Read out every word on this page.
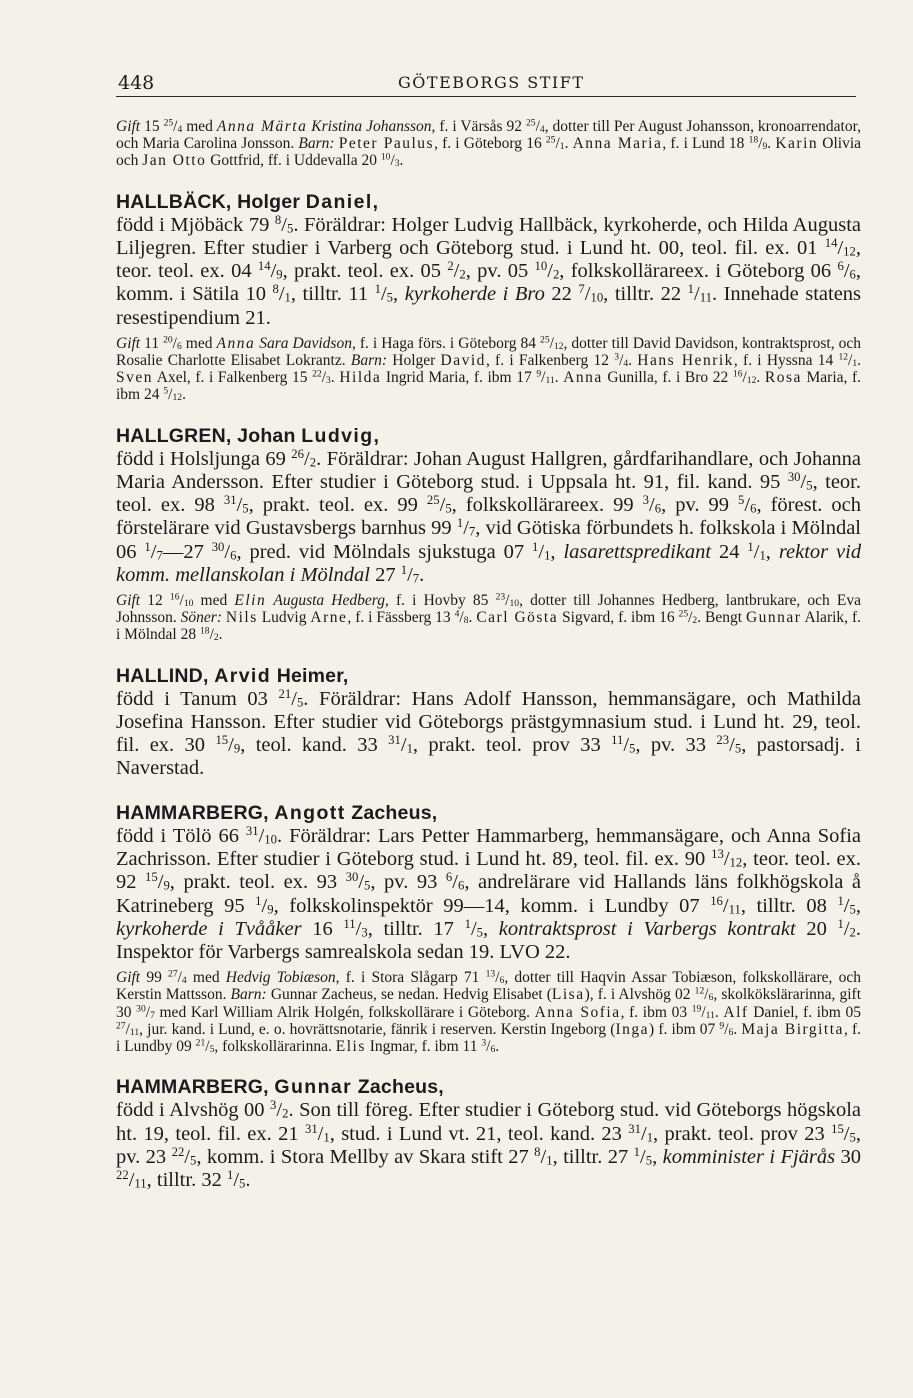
448	GÖTEBORGS STIFT

Gift 15 $^{25}/_4$ med Anna Märta Kristina Johansson, f. i Värsås 92 $^{25}/_4$, dotter till Per August Johansson, kronoarrendator, och Maria Carolina Jonsson. Barn: Peter Paulus, f. i Göteborg 16 $^{25}/_1$. Anna Maria, f. i Lund 18 $^{18}/_9$. Karin Olivia och Jan Otto Gottfrid, ff. i Uddevalla 20 $^{10}/_3$.

HALLBÄCK, Holger Daniel,
född i Mjöbäck 79 $^8/_5$. Föräldrar: Holger Ludvig Hallbäck, kyrkoherde, och Hilda Augusta Liljegren. Efter studier i Varberg och Göteborg stud. i Lund ht. 00, teol. fil. ex. 01 $^{14}/_{12}$, teor. teol. ex. 04 $^{14}/_9$, prakt. teol. ex. 05 $^2/_2$, pv. 05 $^{10}/_2$, folkskollärareex. i Göteborg 06 $^6/_6$, komm. i Sätila 10 $^8/_1$, tilltr. 11 $^1/_5$, kyrkoherde i Bro 22 $^7/_{10}$, tilltr. 22 $^1/_{11}$. Innehade statens resestipendium 21.

Gift 11 $^{20}/_6$ med Anna Sara Davidson, f. i Haga förs. i Göteborg 84 $^{25}/_{12}$, dotter till David Davidson, kontraktsprost, och Rosalie Charlotte Elisabet Lokrantz. Barn: Holger David, f. i Falkenberg 12 $^3/_4$. Hans Henrik, f. i Hyssna 14 $^{12}/_1$. Sven Axel, f. i Falkenberg 15 $^{22}/_3$. Hilda Ingrid Maria, f. ibm 17 $^9/_{11}$. Anna Gunilla, f. i Bro 22 $^{16}/_{12}$. Rosa Maria, f. ibm 24 $^5/_{12}$.

HALLGREN, Johan Ludvig,
född i Holsljunga 69 $^{26}/_2$. Föräldrar: Johan August Hallgren, gårdfarihandlare, och Johanna Maria Andersson. Efter studier i Göteborg stud. i Uppsala ht. 91, fil. kand. 95 $^{30}/_5$, teor. teol. ex. 98 $^{31}/_5$, prakt. teol. ex. 99 $^{25}/_5$, folkskollärareex. 99 $^3/_6$, pv. 99 $^5/_6$, förest. och förstelärare vid Gustavsbergs barnhus 99 $^1/_7$, vid Götiska förbundets h. folkskola i Mölndal 06 $^1/_7—27$ $^{30}/_6$, pred. vid Mölndals sjukstuga 07 $^1/_1$, lasarettspredikant 24 $^1/_1$, rektor vid komm. mellanskolan i Mölndal 27 $^1/_7$.

Gift 12 $^{16}/_{10}$ med Elin Augusta Hedberg, f. i Hovby 85 $^{23}/_{10}$, dotter till Johannes Hedberg, lantbrukare, och Eva Johnsson. Söner: Nils Ludvig Arne, f. i Fässberg 13 $^4/_8$. Carl Gösta Sigvard, f. ibm 16 $^{25}/_2$. Bengt Gunnar Alarik, f. i Mölndal 28 $^{18}/_2$.

HALLIND, Arvid Heimer,
född i Tanum 03 $^{21}/_5$. Föräldrar: Hans Adolf Hansson, hemmansägare, och Mathilda Josefina Hansson. Efter studier vid Göteborgs prästgymnasium stud. i Lund ht. 29, teol. fil. ex. 30 $^{15}/_9$, teol. kand. 33 $^{31}/_1$, prakt. teol. prov 33 $^{11}/_5$, pv. 33 $^{23}/_5$, pastorsadj. i Naverstad.

HAMMARBERG, Angott Zacheus,
född i Tölö 66 $^{31}/_{10}$. Föräldrar: Lars Petter Hammarberg, hemmansägare, och Anna Sofia Zachrisson. Efter studier i Göteborg stud. i Lund ht. 89, teol. fil. ex. 90 $^{13}/_{12}$, teor. teol. ex. 92 $^{15}/_9$, prakt. teol. ex. 93 $^{30}/_5$, pv. 93 $^6/_6$, andrelärare vid Hallands läns folkhögskola å Katrineberg 95 $^1/_9$, folkskolinspektör 99—14, komm. i Lundby 07 $^{16}/_{11}$, tilltr. 08 $^1/_5$, kyrkoherde i Tvååker 16 $^{11}/_3$, tilltr. 17 $^1/_5$, kontraktsprost i Varbergs kontrakt 20 $^1/_2$. Inspektor för Varbergs samrealskola sedan 19. LVO 22.

Gift 99 $^{27}/_4$ med Hedvig Tobiæson, f. i Stora Slågarp 71 $^{13}/_6$, dotter till Haqvin Assar Tobiæson, folkskollärare, och Kerstin Mattsson. Barn: Gunnar Zacheus, se nedan. Hedvig Elisabet (Lisa), f. i Alvshög 02 $^{12}/_6$, skolkökslärarinna, gift 30 $^{30}/_7$ med Karl William Alrik Holgén, folkskollärare i Göteborg. Anna Sofia, f. ibm 03 $^{19}/_{11}$. Alf Daniel, f. ibm 05 $^{27}/_{11}$, jur. kand. i Lund, e. o. hovrättsnotarie, fänrik i reserven. Kerstin Ingeborg (Inga) f. ibm 07 $^9/_6$. Maja Birgitta, f. i Lundby 09 $^{21}/_5$, folkskollärarinna. Elis Ingmar, f. ibm 11 $^3/_6$.

HAMMARBERG, Gunnar Zacheus,
född i Alvshög 00 $^3/_2$. Son till föreg. Efter studier i Göteborg stud. vid Göteborgs högskola ht. 19, teol. fil. ex. 21 $^{31}/_1$, stud. i Lund vt. 21, teol. kand. 23 $^{31}/_1$, prakt. teol. prov 23 $^{15}/_5$, pv. 23 $^{22}/_5$, komm. i Stora Mellby av Skara stift 27 $^8/_1$, tilltr. 27 $^1/_5$, komminister i Fjärås 30 $^{22}/_{11}$, tilltr. 32 $^1/_5$.
